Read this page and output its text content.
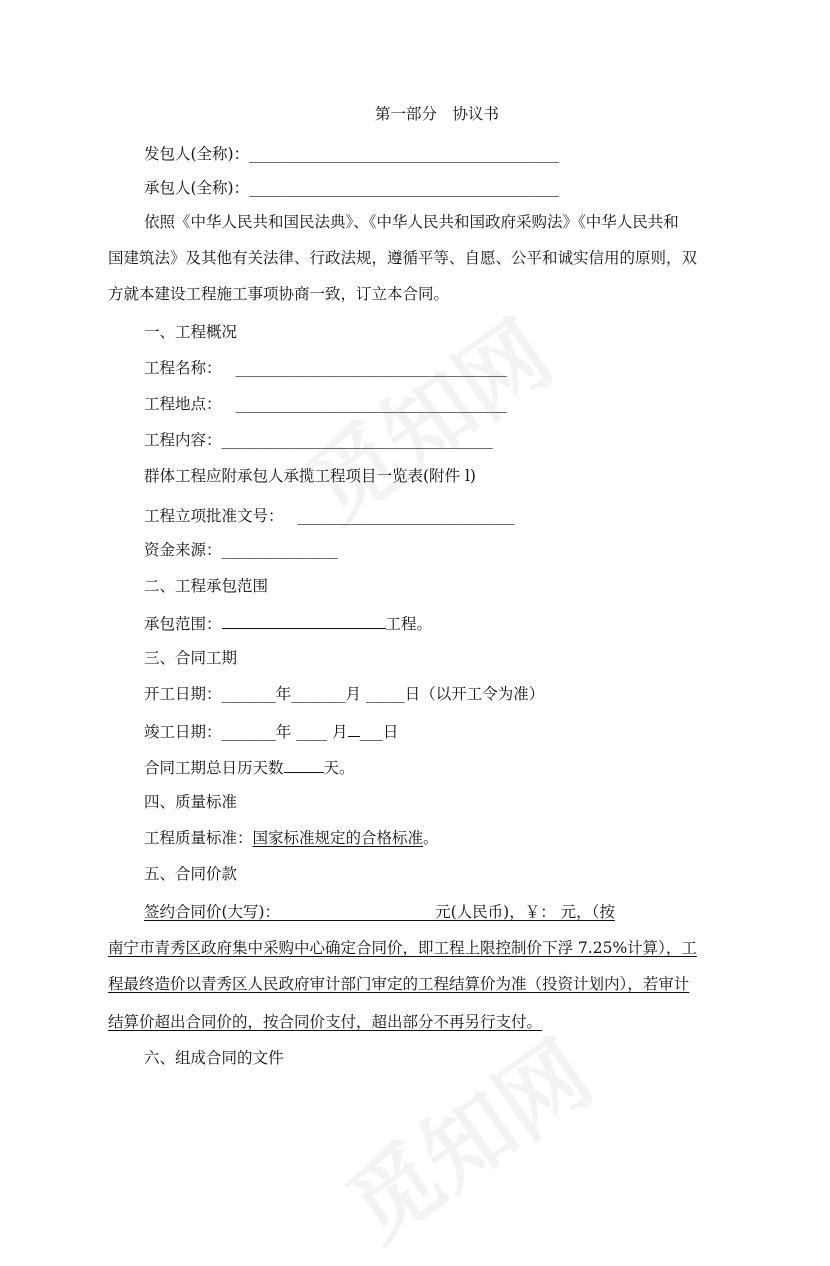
第一部分　协议书
发包人(全称)：________________________________________
承包人(全称)：________________________________________
依照《中华人民共和国民法典》、《中华人民共和国政府采购法》《中华人民共和
国建筑法》及其他有关法律、行政法规，遵循平等、自愿、公平和诚实信用的原则，双
方就本建设工程施工事项协商一致，订立本合同。
一、工程概况
工程名称： ___________________________________
工程地点： ___________________________________
工程内容：___________________________________
群体工程应附承包人承揽工程项目一览表(附件 l)
工程立项批准文号： ____________________________
资金来源：_______________
二、工程承包范围
承包范围：	工程。
三、合同工期
开工日期：_______年_______月 _____日（以开工令为准）
竣工日期：_______年 ____ 月 ___日
合同工期总日历天数	天。
四、质量标准
工程质量标准：国家标准规定的合格标准。
五、合同价款
签约合同价(大写)：____________________元(人民币)，￥： 元，（按
南宁市青秀区政府集中采购中心确定合同价，即工程上限控制价下浮 7.25%计算），工
程最终造价以青秀区人民政府审计部门审定的工程结算价为准（投资计划内），若审计
结算价超出合同价的，按合同价支付，超出部分不再另行支付。
六、组成合同的文件
